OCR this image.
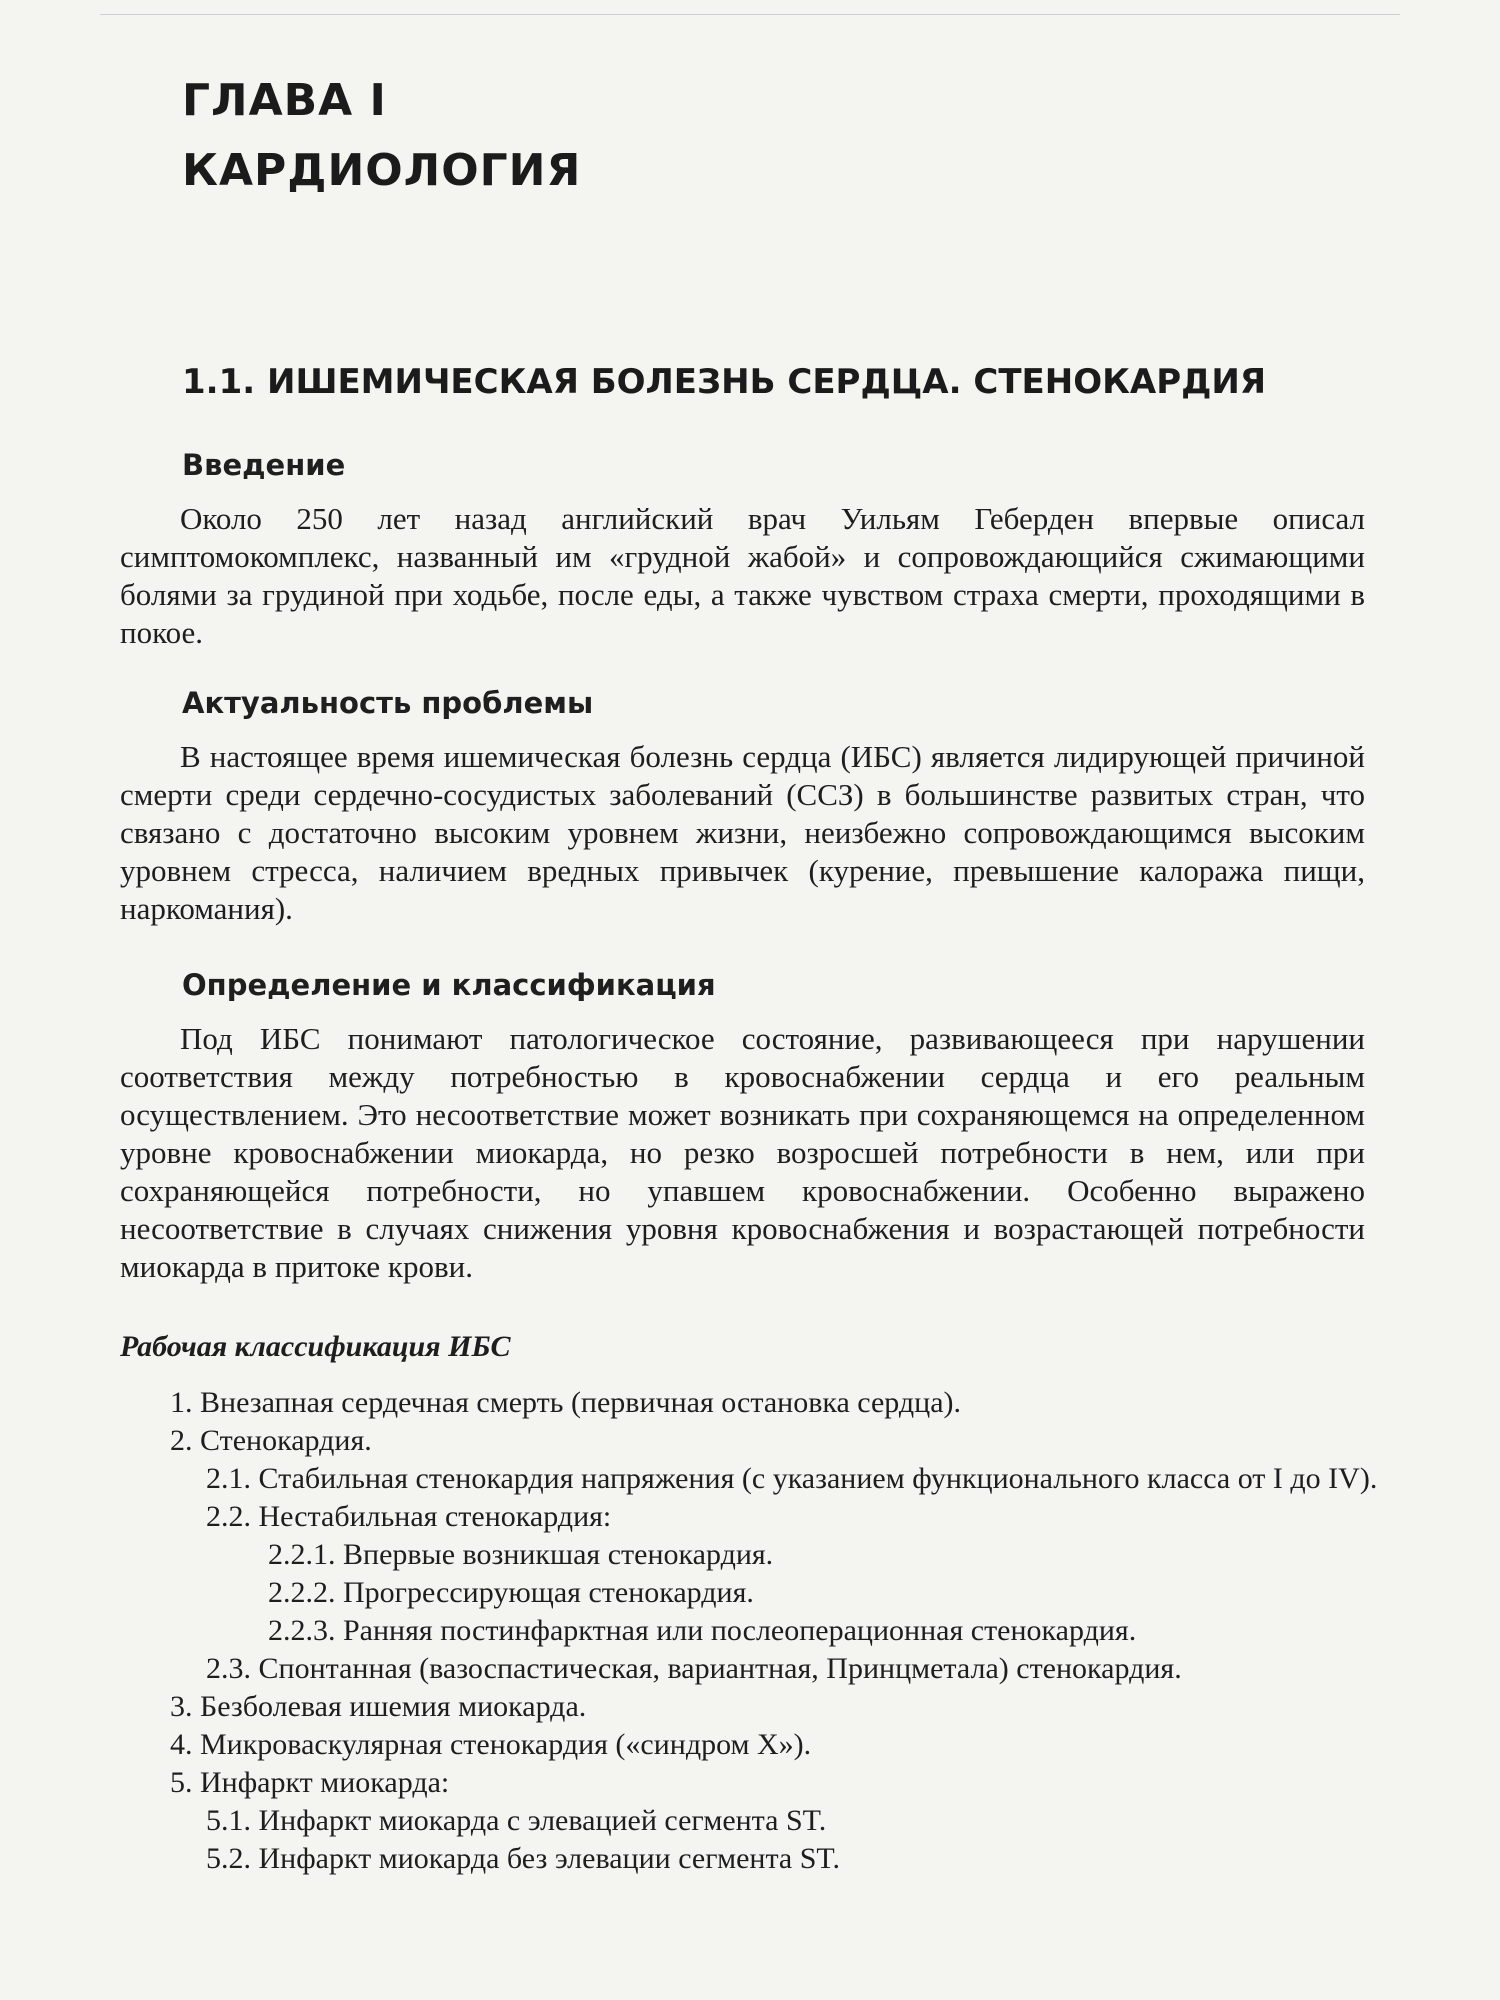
ГЛАВА I
КАРДИОЛОГИЯ
1.1. ИШЕМИЧЕСКАЯ БОЛЕЗНЬ СЕРДЦА. СТЕНОКАРДИЯ
Введение
Около 250 лет назад английский врач Уильям Геберден впервые описал симптомокомплекс, названный им «грудной жабой» и сопровождающийся сжимающими болями за грудиной при ходьбе, после еды, а также чувством страха смерти, проходящими в покое.
Актуальность проблемы
В настоящее время ишемическая болезнь сердца (ИБС) является лидирующей причиной смерти среди сердечно-сосудистых заболеваний (ССЗ) в большинстве развитых стран, что связано с достаточно высоким уровнем жизни, неизбежно сопровождающимся высоким уровнем стресса, наличием вредных привычек (курение, превышение калоража пищи, наркомания).
Определение и классификация
Под ИБС понимают патологическое состояние, развивающееся при нарушении соответствия между потребностью в кровоснабжении сердца и его реальным осуществлением. Это несоответствие может возникать при сохраняющемся на определенном уровне кровоснабжении миокарда, но резко возросшей потребности в нем, или при сохраняющейся потребности, но упавшем кровоснабжении. Особенно выражено несоответствие в случаях снижения уровня кровоснабжения и возрастающей потребности миокарда в притоке крови.
Рабочая классификация ИБС
1. Внезапная сердечная смерть (первичная остановка сердца).
2. Стенокардия.
2.1. Стабильная стенокардия напряжения (с указанием функционального класса от I до IV).
2.2. Нестабильная стенокардия:
2.2.1. Впервые возникшая стенокардия.
2.2.2. Прогрессирующая стенокардия.
2.2.3. Ранняя постинфарктная или послеоперационная стенокардия.
2.3. Спонтанная (вазоспастическая, вариантная, Принцметала) стенокардия.
3. Безболевая ишемия миокарда.
4. Микроваскулярная стенокардия («синдром Х»).
5. Инфаркт миокарда:
5.1. Инфаркт миокарда с элевацией сегмента ST.
5.2. Инфаркт миокарда без элевации сегмента ST.
